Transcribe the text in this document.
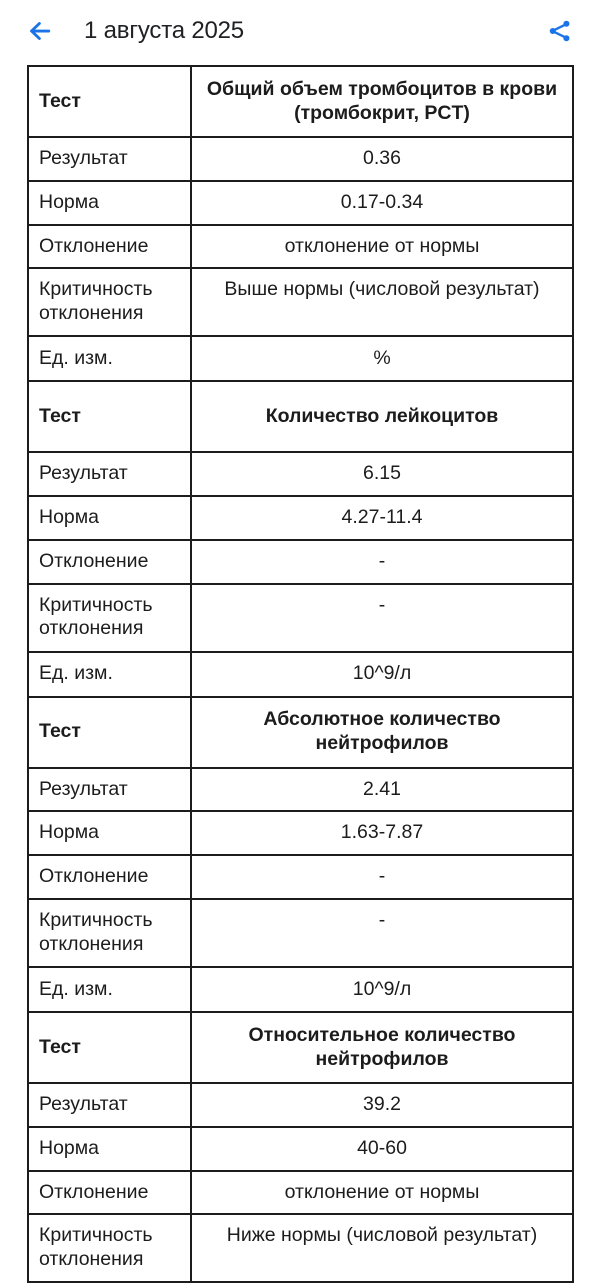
1 августа 2025
Тест	Общий объем тромбоцитов в крови (тромбокрит, PCT)
Результат	0.36
Норма	0.17-0.34
Отклонение	отклонение от нормы
Критичность отклонения	Выше нормы (числовой результат)
Ед. изм.	%
Тест	Количество лейкоцитов
Результат	6.15
Норма	4.27-11.4
Отклонение	-
Критичность отклонения	-
Ед. изм.	10^9/л
Тест	Абсолютное количество нейтрофилов
Результат	2.41
Норма	1.63-7.87
Отклонение	-
Критичность отклонения	-
Ед. изм.	10^9/л
Тест	Относительное количество нейтрофилов
Результат	39.2
Норма	40-60
Отклонение	отклонение от нормы
Критичность отклонения	Ниже нормы (числовой результат)
